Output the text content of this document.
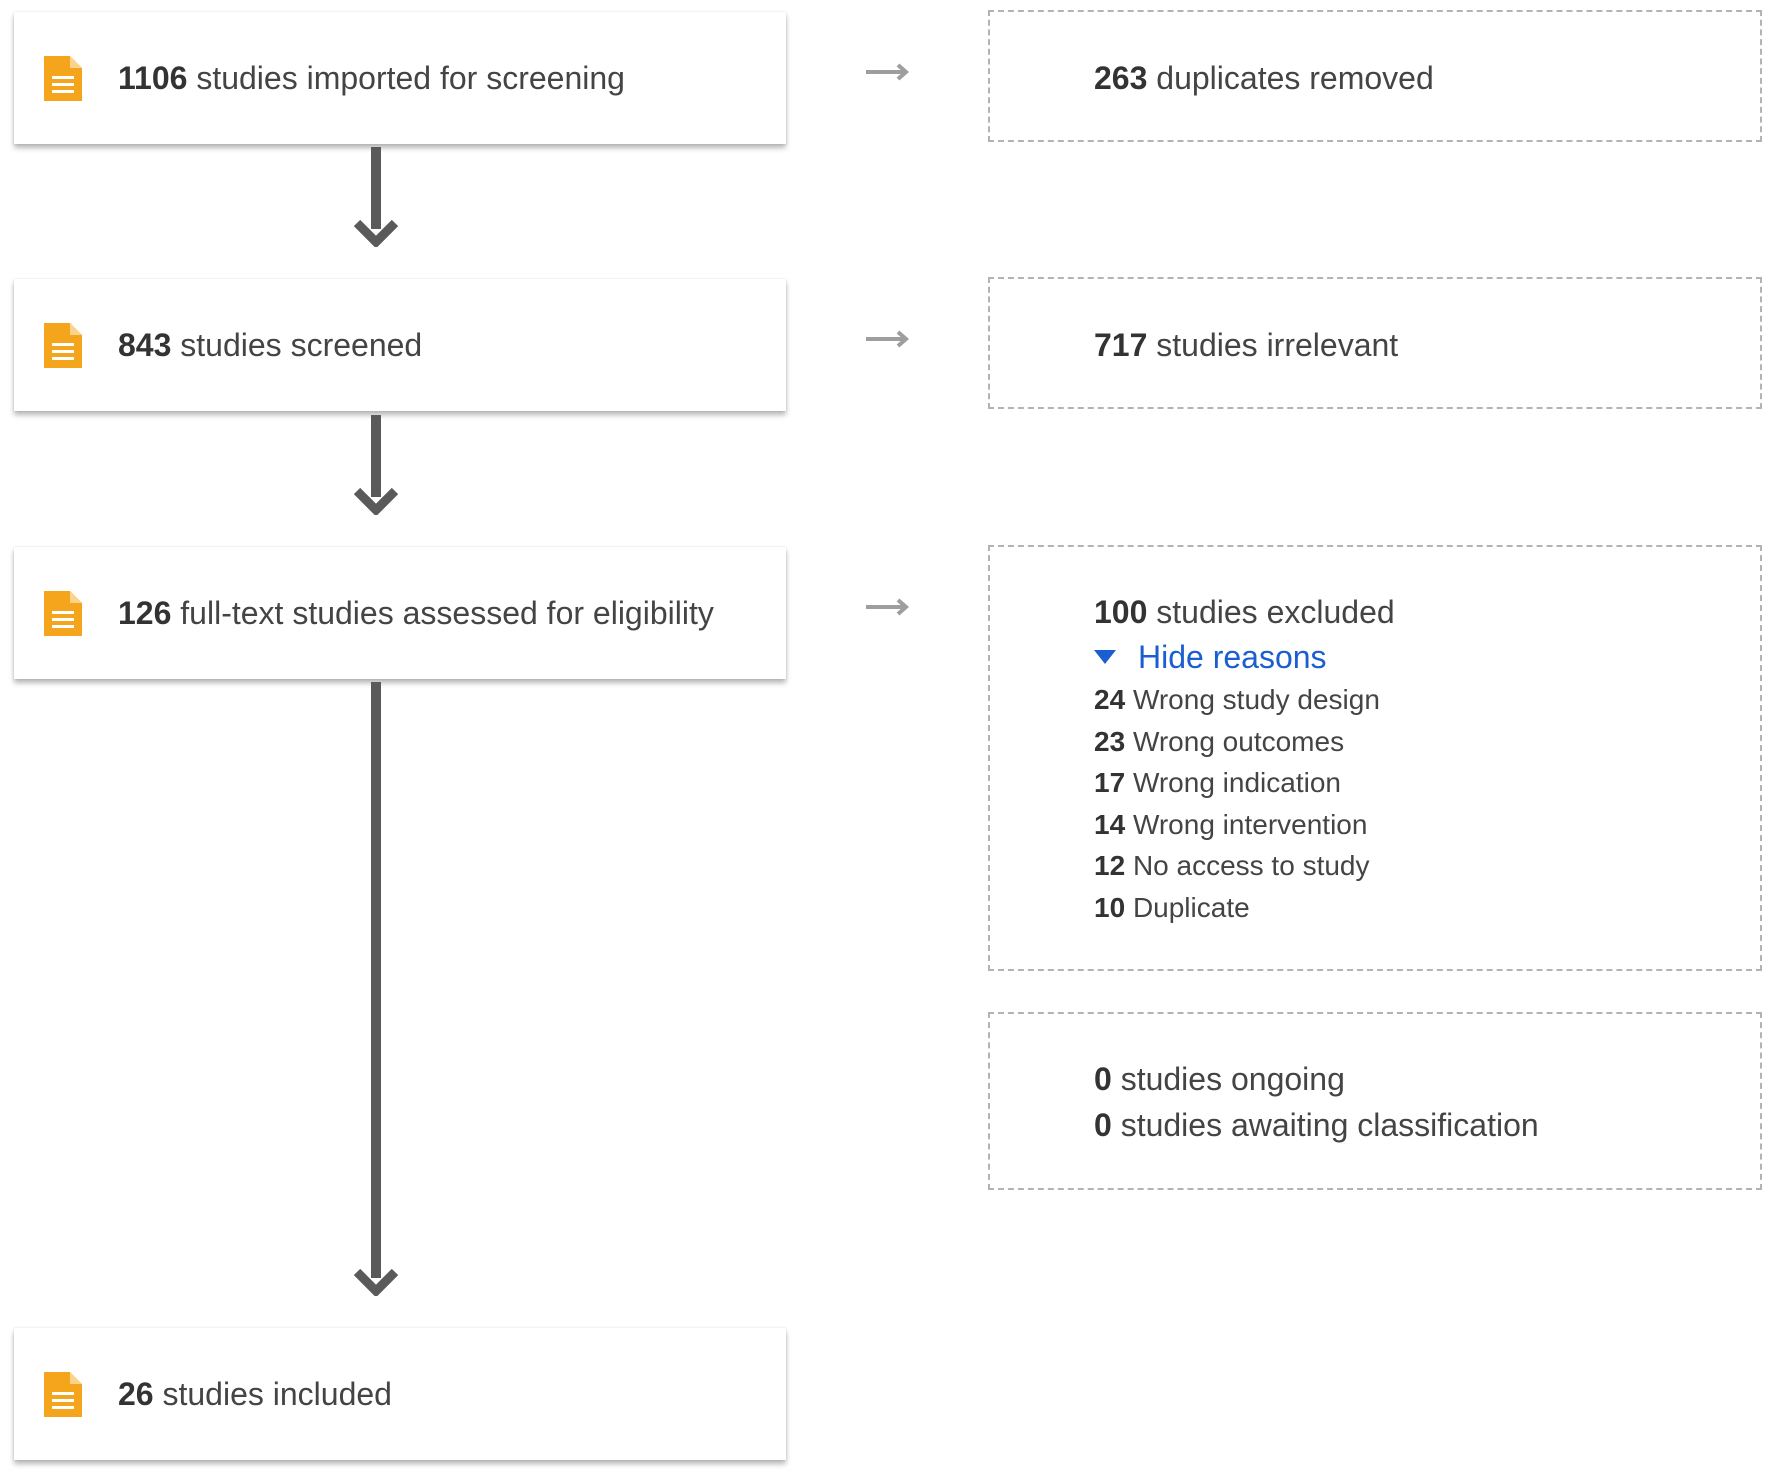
1106 studies imported for screening
843 studies screened
126 full-text studies assessed for eligibility
26 studies included
263 duplicates removed
717 studies irrelevant
100 studies excluded
Hide reasons
24 Wrong study design
23 Wrong outcomes
17 Wrong indication
14 Wrong intervention
12 No access to study
10 Duplicate
0 studies ongoing
0 studies awaiting classification
